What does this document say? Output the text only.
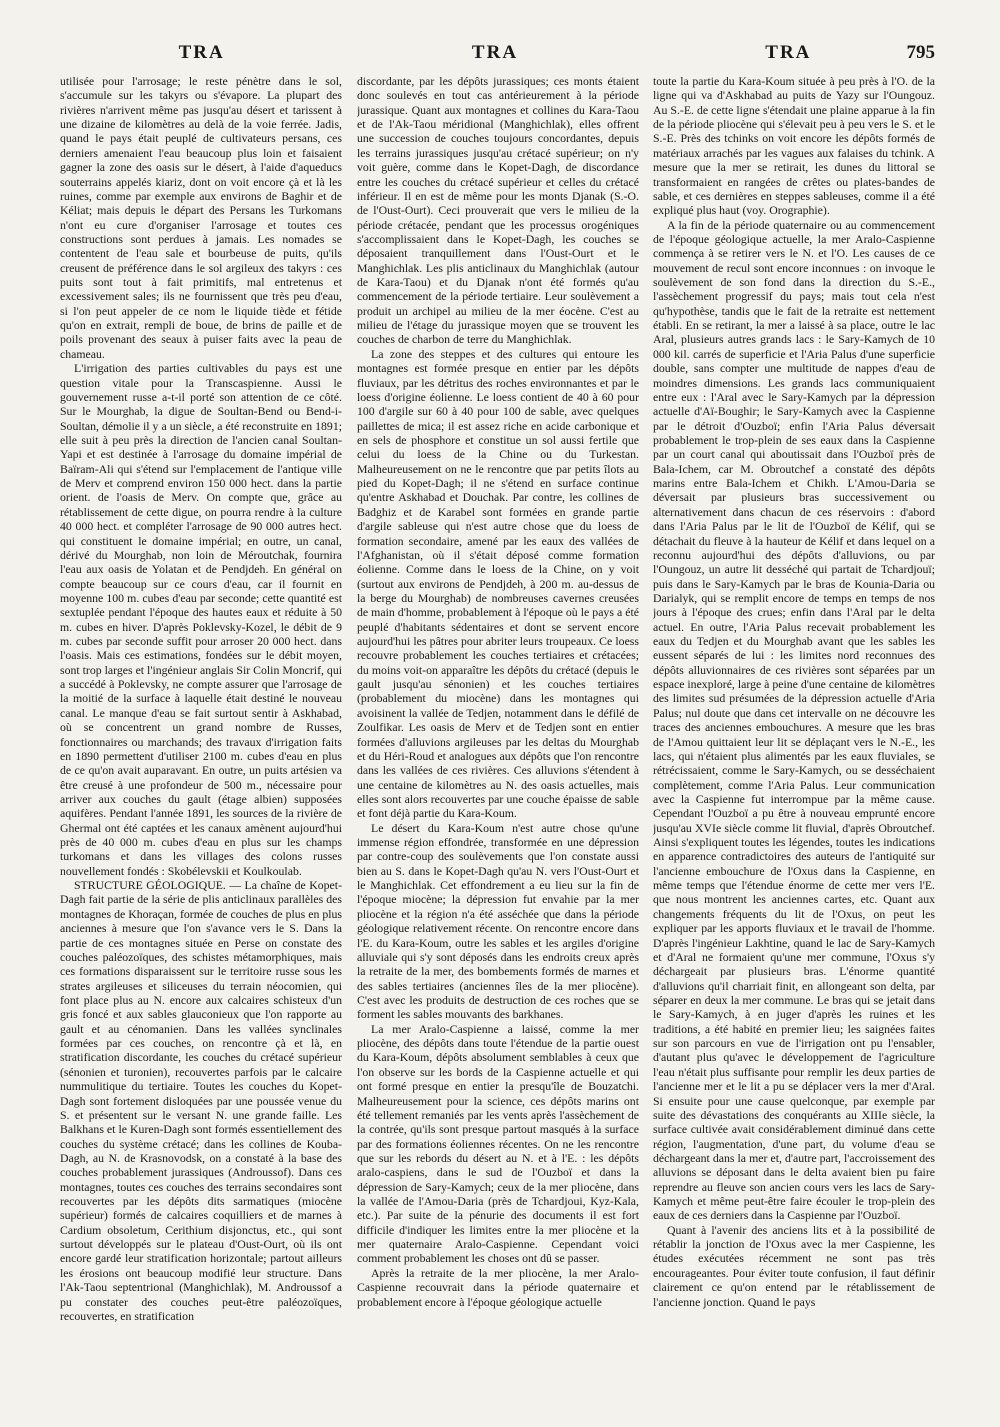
TRA	TRA	TRA	795

utilisée pour l'arrosage; le reste pénètre dans le sol, s'accumule sur les takyrs ou s'évapore. La plupart des rivières n'arrivent même pas jusqu'au désert et tarissent à une dizaine de kilomètres au delà de la voie ferrée. Jadis, quand le pays était peuplé de cultivateurs persans, ces derniers amenaient l'eau beaucoup plus loin et faisaient gagner la zone des oasis sur le désert, à l'aide d'aqueducs souterrains appelés kiariz, dont on voit encore çà et là les ruines, comme par exemple aux environs de Baghir et de Kéliat; mais depuis le départ des Persans les Turkomans n'ont eu cure d'organiser l'arrosage et toutes ces constructions sont perdues à jamais. Les nomades se contentent de l'eau sale et bourbeuse de puits, qu'ils creusent de préférence dans le sol argileux des takyrs : ces puits sont tout à fait primitifs, mal entretenus et excessivement sales; ils ne fournissent que très peu d'eau, si l'on peut appeler de ce nom le liquide tiède et fétide qu'on en extrait, rempli de boue, de brins de paille et de poils provenant des seaux à puiser faits avec la peau de chameau.

L'irrigation des parties cultivables du pays est une question vitale pour la Transcaspienne. Aussi le gouvernement russe a-t-il porté son attention de ce côté. Sur le Mourghab, la digue de Soultan-Bend ou Bend-i-Soultan, démolie il y a un siècle, a été reconstruite en 1891; elle suit à peu près la direction de l'ancien canal Soultan-Yapi et est destinée à l'arrosage du domaine impérial de Baïram-Ali qui s'étend sur l'emplacement de l'antique ville de Merv et comprend environ 150 000 hect. dans la partie orient. de l'oasis de Merv. On compte que, grâce au rétablissement de cette digue, on pourra rendre à la culture 40 000 hect. et compléter l'arrosage de 90 000 autres hect. qui constituent le domaine impérial; en outre, un canal, dérivé du Mourghab, non loin de Méroutchak, fournira l'eau aux oasis de Yolatan et de Pendjdeh. En général on compte beaucoup sur ce cours d'eau, car il fournit en moyenne 100 m. cubes d'eau par seconde; cette quantité est sextuplée pendant l'époque des hautes eaux et réduite à 50 m. cubes en hiver. D'après Poklevsky-Kozel, le débit de 9 m. cubes par seconde suffit pour arroser 20 000 hect. dans l'oasis. Mais ces estimations, fondées sur le débit moyen, sont trop larges et l'ingénieur anglais Sir Colin Moncrif, qui a succédé à Poklevsky, ne compte assurer que l'arrosage de la moitié de la surface à laquelle était destiné le nouveau canal. Le manque d'eau se fait surtout sentir à Askhabad, où se concentrent un grand nombre de Russes, fonctionnaires ou marchands; des travaux d'irrigation faits en 1890 permettent d'utiliser 2100 m. cubes d'eau en plus de ce qu'on avait auparavant. En outre, un puits artésien va être creusé à une profondeur de 500 m., nécessaire pour arriver aux couches du gault (étage albien) supposées aquifères. Pendant l'année 1891, les sources de la rivière de Ghermal ont été captées et les canaux amènent aujourd'hui près de 40 000 m. cubes d'eau en plus sur les champs turkomans et dans les villages des colons russes nouvellement fondés : Skobélevskii et Koulkoulab.

STRUCTURE GÉOLOGIQUE. — La chaîne de Kopet-Dagh fait partie de la série de plis anticlinaux parallèles des montagnes de Khoraçan, formée de couches de plus en plus anciennes à mesure que l'on s'avance vers le S. Dans la partie de ces montagnes située en Perse on constate des couches paléozoïques, des schistes métamorphiques, mais ces formations disparaissent sur le territoire russe sous les strates argileuses et siliceuses du terrain néocomien, qui font place plus au N. encore aux calcaires schisteux d'un gris foncé et aux sables glauconieux que l'on rapporte au gault et au cénomanien. Dans les vallées synclinales formées par ces couches, on rencontre çà et là, en stratification discordante, les couches du crétacé supérieur (sénonien et turonien), recouvertes parfois par le calcaire nummulitique du tertiaire. Toutes les couches du Kopet-Dagh sont fortement disloquées par une poussée venue du S. et présentent sur le versant N. une grande faille. Les Balkhans et le Kuren-Dagh sont formés essentiellement des couches du système crétacé; dans les collines de Kouba-Dagh, au N. de Krasnovodsk, on a constaté à la base des couches probablement jurassiques (Androussof). Dans ces montagnes, toutes ces couches des terrains secondaires sont recouvertes par les dépôts dits sarmatiques (miocène supérieur) formés de calcaires coquilliers et de marnes à Cardium obsoletum, Cerithium disjonctus, etc., qui sont surtout développés sur le plateau d'Oust-Ourt, où ils ont encore gardé leur stratification horizontale; partout ailleurs les érosions ont beaucoup modifié leur structure. Dans l'Ak-Taou septentrional (Manghichlak), M. Androussof a pu constater des couches peut-être paléozoïques, recouvertes, en stratification

discordante, par les dépôts jurassiques; ces monts étaient donc soulevés en tout cas antérieurement à la période jurassique. Quant aux montagnes et collines du Kara-Taou et de l'Ak-Taou méridional (Manghichlak), elles offrent une succession de couches toujours concordantes, depuis les terrains jurassiques jusqu'au crétacé supérieur; on n'y voit guère, comme dans le Kopet-Dagh, de discordance entre les couches du crétacé supérieur et celles du crétacé inférieur. Il en est de même pour les monts Djanak (S.-O. de l'Oust-Ourt). Ceci prouverait que vers le milieu de la période crétacée, pendant que les processus orogéniques s'accomplissaient dans le Kopet-Dagh, les couches se déposaient tranquillement dans l'Oust-Ourt et le Manghichlak. Les plis anticlinaux du Manghichlak (autour de Kara-Taou) et du Djanak n'ont été formés qu'au commencement de la période tertiaire. Leur soulèvement a produit un archipel au milieu de la mer éocène. C'est au milieu de l'étage du jurassique moyen que se trouvent les couches de charbon de terre du Manghichlak.

La zone des steppes et des cultures qui entoure les montagnes est formée presque en entier par les dépôts fluviaux, par les détritus des roches environnantes et par le loess d'origine éolienne. Le loess contient de 40 à 60 pour 100 d'argile sur 60 à 40 pour 100 de sable, avec quelques paillettes de mica; il est assez riche en acide carbonique et en sels de phosphore et constitue un sol aussi fertile que celui du loess de la Chine ou du Turkestan. Malheureusement on ne le rencontre que par petits îlots au pied du Kopet-Dagh; il ne s'étend en surface continue qu'entre Askhabad et Douchak. Par contre, les collines de Badghiz et de Karabel sont formées en grande partie d'argile sableuse qui n'est autre chose que du loess de formation secondaire, amené par les eaux des vallées de l'Afghanistan, où il s'était déposé comme formation éolienne. Comme dans le loess de la Chine, on y voit (surtout aux environs de Pendjdeh, à 200 m. au-dessus de la berge du Mourghab) de nombreuses cavernes creusées de main d'homme, probablement à l'époque où le pays a été peuplé d'habitants sédentaires et dont se servent encore aujourd'hui les pâtres pour abriter leurs troupeaux. Ce loess recouvre probablement les couches tertiaires et crétacées; du moins voit-on apparaître les dépôts du crétacé (depuis le gault jusqu'au sénonien) et les couches tertiaires (probablement du miocène) dans les montagnes qui avoisinent la vallée de Tedjen, notamment dans le défilé de Zoulfikar. Les oasis de Merv et de Tedjen sont en entier formées d'alluvions argileuses par les deltas du Mourghab et du Héri-Roud et analogues aux dépôts que l'on rencontre dans les vallées de ces rivières. Ces alluvions s'étendent à une centaine de kilomètres au N. des oasis actuelles, mais elles sont alors recouvertes par une couche épaisse de sable et font déjà partie du Kara-Koum.

Le désert du Kara-Koum n'est autre chose qu'une immense région effondrée, transformée en une dépression par contre-coup des soulèvements que l'on constate aussi bien au S. dans le Kopet-Dagh qu'au N. vers l'Oust-Ourt et le Manghichlak. Cet effondrement a eu lieu sur la fin de l'époque miocène; la dépression fut envahie par la mer pliocène et la région n'a été asséchée que dans la période géologique relativement récente. On rencontre encore dans l'E. du Kara-Koum, outre les sables et les argiles d'origine alluviale qui s'y sont déposés dans les endroits creux après la retraite de la mer, des bombements formés de marnes et des sables tertiaires (anciennes îles de la mer pliocène). C'est avec les produits de destruction de ces roches que se forment les sables mouvants des barkhanes.

La mer Aralo-Caspienne a laissé, comme la mer pliocène, des dépôts dans toute l'étendue de la partie ouest du Kara-Koum, dépôts absolument semblables à ceux que l'on observe sur les bords de la Caspienne actuelle et qui ont formé presque en entier la presqu'île de Bouzatchi. Malheureusement pour la science, ces dépôts marins ont été tellement remaniés par les vents après l'assèchement de la contrée, qu'ils sont presque partout masqués à la surface par des formations éoliennes récentes. On ne les rencontre que sur les rebords du désert au N. et à l'E. : les dépôts aralo-caspiens, dans le sud de l'Ouzboï et dans la dépression de Sary-Kamych; ceux de la mer pliocène, dans la vallée de l'Amou-Daria (près de Tchardjoui, Kyz-Kala, etc.). Par suite de la pénurie des documents il est fort difficile d'indiquer les limites entre la mer pliocène et la mer quaternaire Aralo-Caspienne. Cependant voici comment probablement les choses ont dû se passer.

Après la retraite de la mer pliocène, la mer Aralo-Caspienne recouvrait dans la période quaternaire et probablement encore à l'époque géologique actuelle

toute la partie du Kara-Koum située à peu près à l'O. de la ligne qui va d'Askhabad au puits de Yazy sur l'Oungouz. Au S.-E. de cette ligne s'étendait une plaine apparue à la fin de la période pliocène qui s'élevait peu à peu vers le S. et le S.-E. Près des tchinks on voit encore les dépôts formés de matériaux arrachés par les vagues aux falaises du tchink. A mesure que la mer se retirait, les dunes du littoral se transformaient en rangées de crêtes ou plates-bandes de sable, et ces dernières en steppes sableuses, comme il a été expliqué plus haut (voy. Orographie).

A la fin de la période quaternaire ou au commencement de l'époque géologique actuelle, la mer Aralo-Caspienne commença à se retirer vers le N. et l'O. Les causes de ce mouvement de recul sont encore inconnues : on invoque le soulèvement de son fond dans la direction du S.-E., l'assèchement progressif du pays; mais tout cela n'est qu'hypothèse, tandis que le fait de la retraite est nettement établi. En se retirant, la mer a laissé à sa place, outre le lac Aral, plusieurs autres grands lacs : le Sary-Kamych de 10 000 kil. carrés de superficie et l'Aria Palus d'une superficie double, sans compter une multitude de nappes d'eau de moindres dimensions. Les grands lacs communiquaient entre eux : l'Aral avec le Sary-Kamych par la dépression actuelle d'Aï-Boughir; le Sary-Kamych avec la Caspienne par le détroit d'Ouzboï; enfin l'Aria Palus déversait probablement le trop-plein de ses eaux dans la Caspienne par un court canal qui aboutissait dans l'Ouzboï près de Bala-Ichem, car M. Obroutchef a constaté des dépôts marins entre Bala-Ichem et Chikh. L'Amou-Daria se déversait par plusieurs bras successivement ou alternativement dans chacun de ces réservoirs : d'abord dans l'Aria Palus par le lit de l'Ouzboï de Kélif, qui se détachait du fleuve à la hauteur de Kélif et dans lequel on a reconnu aujourd'hui des dépôts d'alluvions, ou par l'Oungouz, un autre lit desséché qui partait de Tchardjouï; puis dans le Sary-Kamych par le bras de Kounia-Daria ou Darialyk, qui se remplit encore de temps en temps de nos jours à l'époque des crues; enfin dans l'Aral par le delta actuel. En outre, l'Aria Palus recevait probablement les eaux du Tedjen et du Mourghab avant que les sables les eussent séparés de lui : les limites nord reconnues des dépôts alluvionnaires de ces rivières sont séparées par un espace inexploré, large à peine d'une centaine de kilomètres des limites sud présumées de la dépression actuelle d'Aria Palus; nul doute que dans cet intervalle on ne découvre les traces des anciennes embouchures. A mesure que les bras de l'Amou quittaient leur lit se déplaçant vers le N.-E., les lacs, qui n'étaient plus alimentés par les eaux fluviales, se rétrécissaient, comme le Sary-Kamych, ou se desséchaient complètement, comme l'Aria Palus. Leur communication avec la Caspienne fut interrompue par la même cause. Cependant l'Ouzboï a pu être à nouveau emprunté encore jusqu'au XVIe siècle comme lit fluvial, d'après Obroutchef. Ainsi s'expliquent toutes les légendes, toutes les indications en apparence contradictoires des auteurs de l'antiquité sur l'ancienne embouchure de l'Oxus dans la Caspienne, en même temps que l'étendue énorme de cette mer vers l'E. que nous montrent les anciennes cartes, etc. Quant aux changements fréquents du lit de l'Oxus, on peut les expliquer par les apports fluviaux et le travail de l'homme. D'après l'ingénieur Lakhtine, quand le lac de Sary-Kamych et d'Aral ne formaient qu'une mer commune, l'Oxus s'y déchargeait par plusieurs bras. L'énorme quantité d'alluvions qu'il charriait finit, en allongeant son delta, par séparer en deux la mer commune. Le bras qui se jetait dans le Sary-Kamych, à en juger d'après les ruines et les traditions, a été habité en premier lieu; les saignées faites sur son parcours en vue de l'irrigation ont pu l'ensabler, d'autant plus qu'avec le développement de l'agriculture l'eau n'était plus suffisante pour remplir les deux parties de l'ancienne mer et le lit a pu se déplacer vers la mer d'Aral. Si ensuite pour une cause quelconque, par exemple par suite des dévastations des conquérants au XIIIe siècle, la surface cultivée avait considérablement diminué dans cette région, l'augmentation, d'une part, du volume d'eau se déchargeant dans la mer et, d'autre part, l'accroissement des alluvions se déposant dans le delta avaient bien pu faire reprendre au fleuve son ancien cours vers les lacs de Sary-Kamych et même peut-être faire écouler le trop-plein des eaux de ces derniers dans la Caspienne par l'Ouzboï.

Quant à l'avenir des anciens lits et à la possibilité de rétablir la jonction de l'Oxus avec la mer Caspienne, les études exécutées récemment ne sont pas très encourageantes. Pour éviter toute confusion, il faut définir clairement ce qu'on entend par le rétablissement de l'ancienne jonction. Quand le pays
